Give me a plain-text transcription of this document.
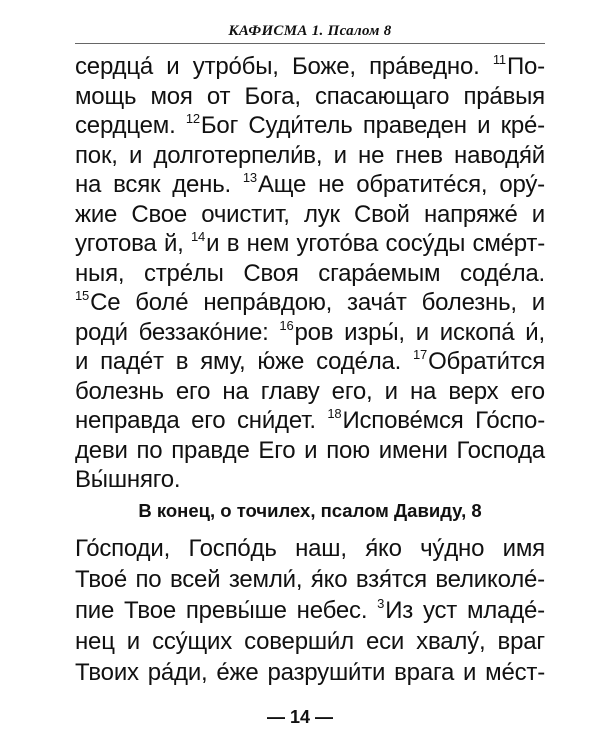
КАФИСМА 1. Псалом 8
сердца́ и утро́бы, Боже, пра́ведно. $^{11}$По-
мощь моя от Бога, спасающаго пра́выя
сердцем. $^{12}$Бог Суди́тель праведен и кре́-
пок, и долготерпели́в, и не гнев наводя́й
на всяк день. $^{13}$Аще не обратите́ся, ору́-
жие Свое очистит, лук Свой напряже́ и
уготова й, $^{14}$и в нем угото́ва сосу́ды сме́рт-
ныя, стре́лы Своя сгара́емым соде́ла.
$^{15}$Се боле́ непра́вдою, зача́т болезнь, и
роди́ беззако́ние: $^{16}$ров изры́, и ископа́ и́,
и паде́т в яму, ю́же соде́ла. $^{17}$Обрати́тся
болезнь его на главу его, и на верх его
неправда его сни́дет. $^{18}$Испове́мся Го́спо-
деви по правде Его и пою имени Господа
Вы́шняго.
В конец, о точилех, псалом Давиду, 8
Го́споди, Госпо́дь наш, я́ко чу́дно имя
Твое́ по всей земли́, я́ко взя́тся великоле́-
пие Твое превы́ше небес. $^3$Из уст младе́-
нец и ссу́щих соверши́л еси хвалу́, враг
Твоих ра́ди, е́же разруши́ти врага и ме́ст-
— 14 —
